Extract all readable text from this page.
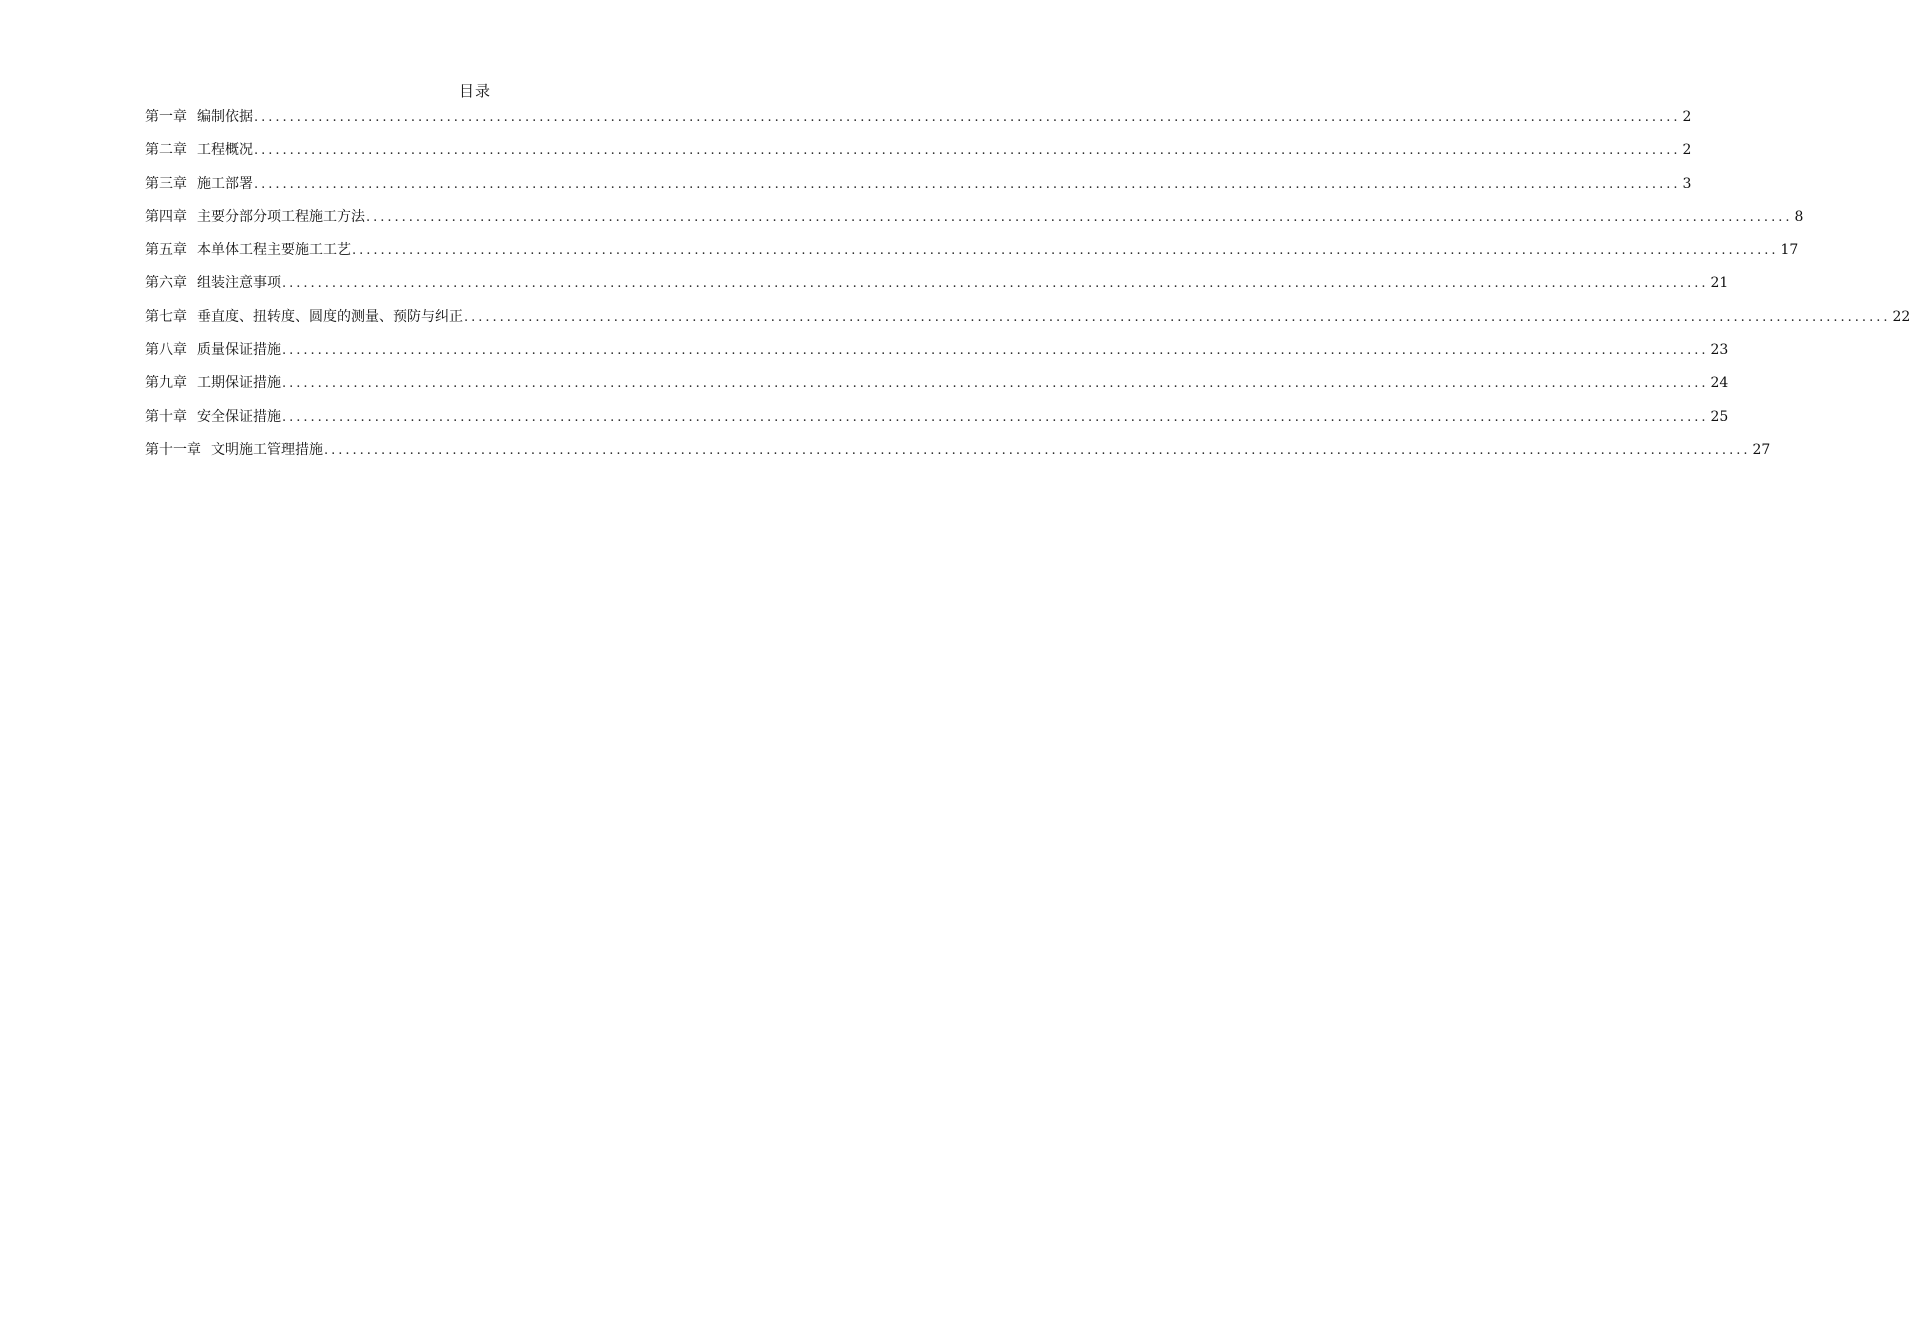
目录
第一章 编制依据 ........................................................................................................................................................................................................ 2
第二章 工程概况 ........................................................................................................................................................................................................ 2
第三章 施工部署 ........................................................................................................................................................................................................ 3
第四章 主要分部分项工程施工方法 ........................................................................................................................................................................................................ 8
第五章 本单体工程主要施工工艺 ........................................................................................................................................................................................................ 17
第六章 组装注意事项 ........................................................................................................................................................................................................ 21
第七章 垂直度、扭转度、圆度的测量、预防与纠正 ........................................................................................................................................................................................................ 22
第八章 质量保证措施 ........................................................................................................................................................................................................ 23
第九章 工期保证措施 ........................................................................................................................................................................................................ 24
第十章 安全保证措施 ........................................................................................................................................................................................................ 25
第十一章 文明施工管理措施 ........................................................................................................................................................................................................ 27
